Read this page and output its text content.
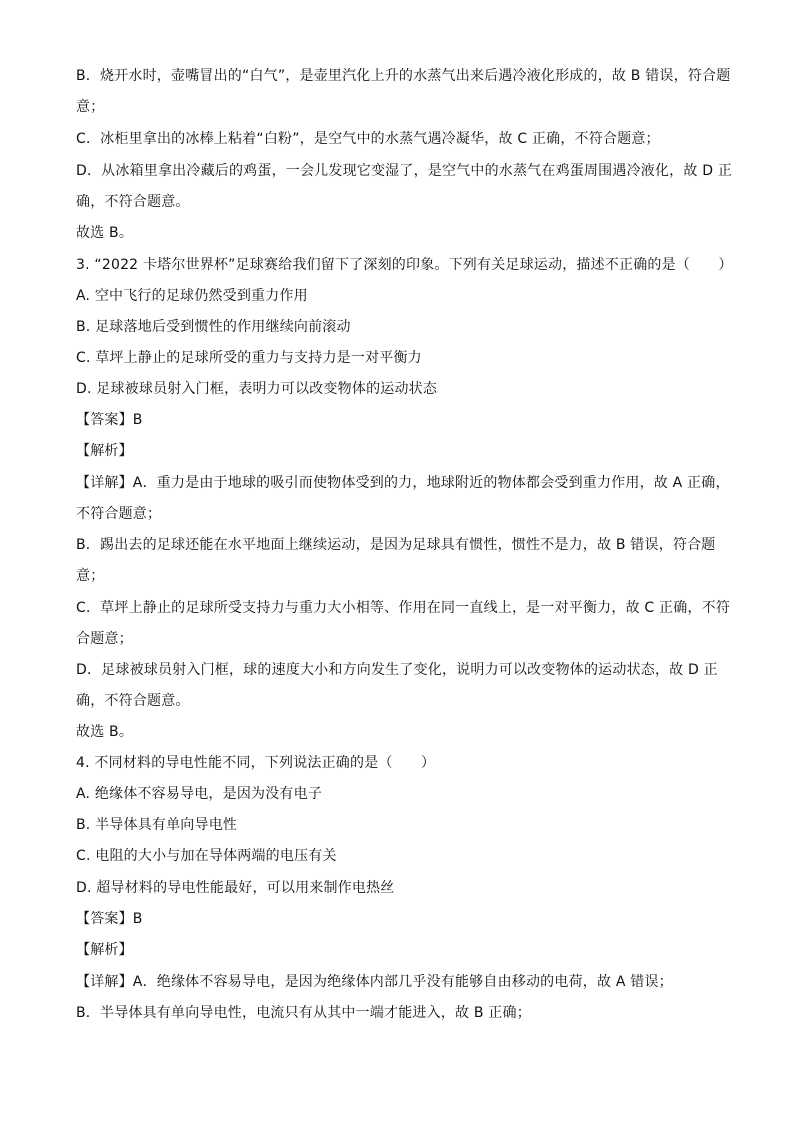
B．烧开水时，壶嘴冒出的“白气”，是壶里汽化上升的水蒸气出来后遇冷液化形成的，故 B 错误，符合题
意；
C．冰柜里拿出的冰棒上粘着“白粉”，是空气中的水蒸气遇冷凝华，故 C 正确，不符合题意；
D．从冰箱里拿出冷藏后的鸡蛋，一会儿发现它变湿了，是空气中的水蒸气在鸡蛋周围遇冷液化，故 D 正
确，不符合题意。
故选 B。
3. “2022 卡塔尔世界杯”足球赛给我们留下了深刻的印象。下列有关足球运动，描述不正确的是（　　）
A. 空中飞行的足球仍然受到重力作用
B. 足球落地后受到惯性的作用继续向前滚动
C. 草坪上静止的足球所受的重力与支持力是一对平衡力
D. 足球被球员射入门框，表明力可以改变物体的运动状态
【答案】B
【解析】
【详解】A．重力是由于地球的吸引而使物体受到的力，地球附近的物体都会受到重力作用，故 A 正确，
不符合题意；
B．踢出去的足球还能在水平地面上继续运动，是因为足球具有惯性，惯性不是力，故 B 错误，符合题
意；
C．草坪上静止的足球所受支持力与重力大小相等、作用在同一直线上，是一对平衡力，故 C 正确，不符
合题意；
D．足球被球员射入门框，球的速度大小和方向发生了变化，说明力可以改变物体的运动状态，故 D 正
确，不符合题意。
故选 B。
4. 不同材料的导电性能不同，下列说法正确的是（　　）
A. 绝缘体不容易导电，是因为没有电子
B. 半导体具有单向导电性
C. 电阻的大小与加在导体两端的电压有关
D. 超导材料的导电性能最好，可以用来制作电热丝
【答案】B
【解析】
【详解】A．绝缘体不容易导电，是因为绝缘体内部几乎没有能够自由移动的电荷，故 A 错误；
B．半导体具有单向导电性，电流只有从其中一端才能进入，故 B 正确；
